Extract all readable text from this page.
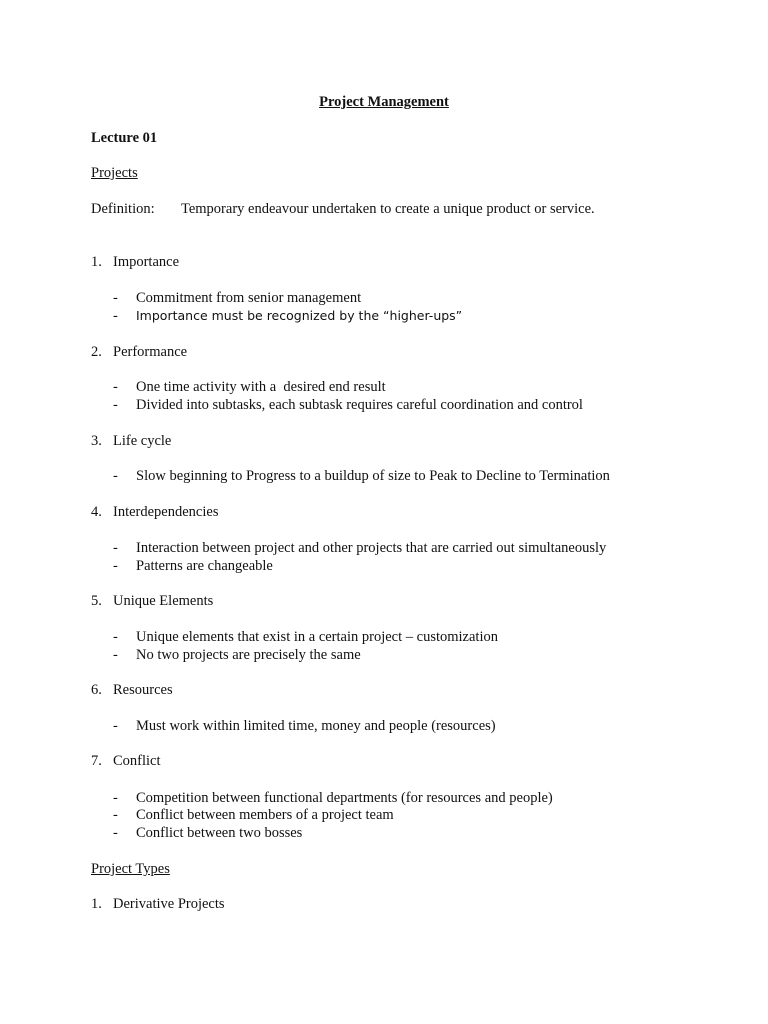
Project Management
Lecture 01
Projects
Definition: Temporary endeavour undertaken to create a unique product or service.
1. Importance
- Commitment from senior management
- Importance must be recognized by the “higher-ups”
2. Performance
- One time activity with a  desired end result
- Divided into subtasks, each subtask requires careful coordination and control
3. Life cycle
- Slow beginning to Progress to a buildup of size to Peak to Decline to Termination
4. Interdependencies
- Interaction between project and other projects that are carried out simultaneously
- Patterns are changeable
5. Unique Elements
- Unique elements that exist in a certain project – customization
- No two projects are precisely the same
6. Resources
- Must work within limited time, money and people (resources)
7. Conflict
- Competition between functional departments (for resources and people)
- Conflict between members of a project team
- Conflict between two bosses
Project Types
1. Derivative Projects
